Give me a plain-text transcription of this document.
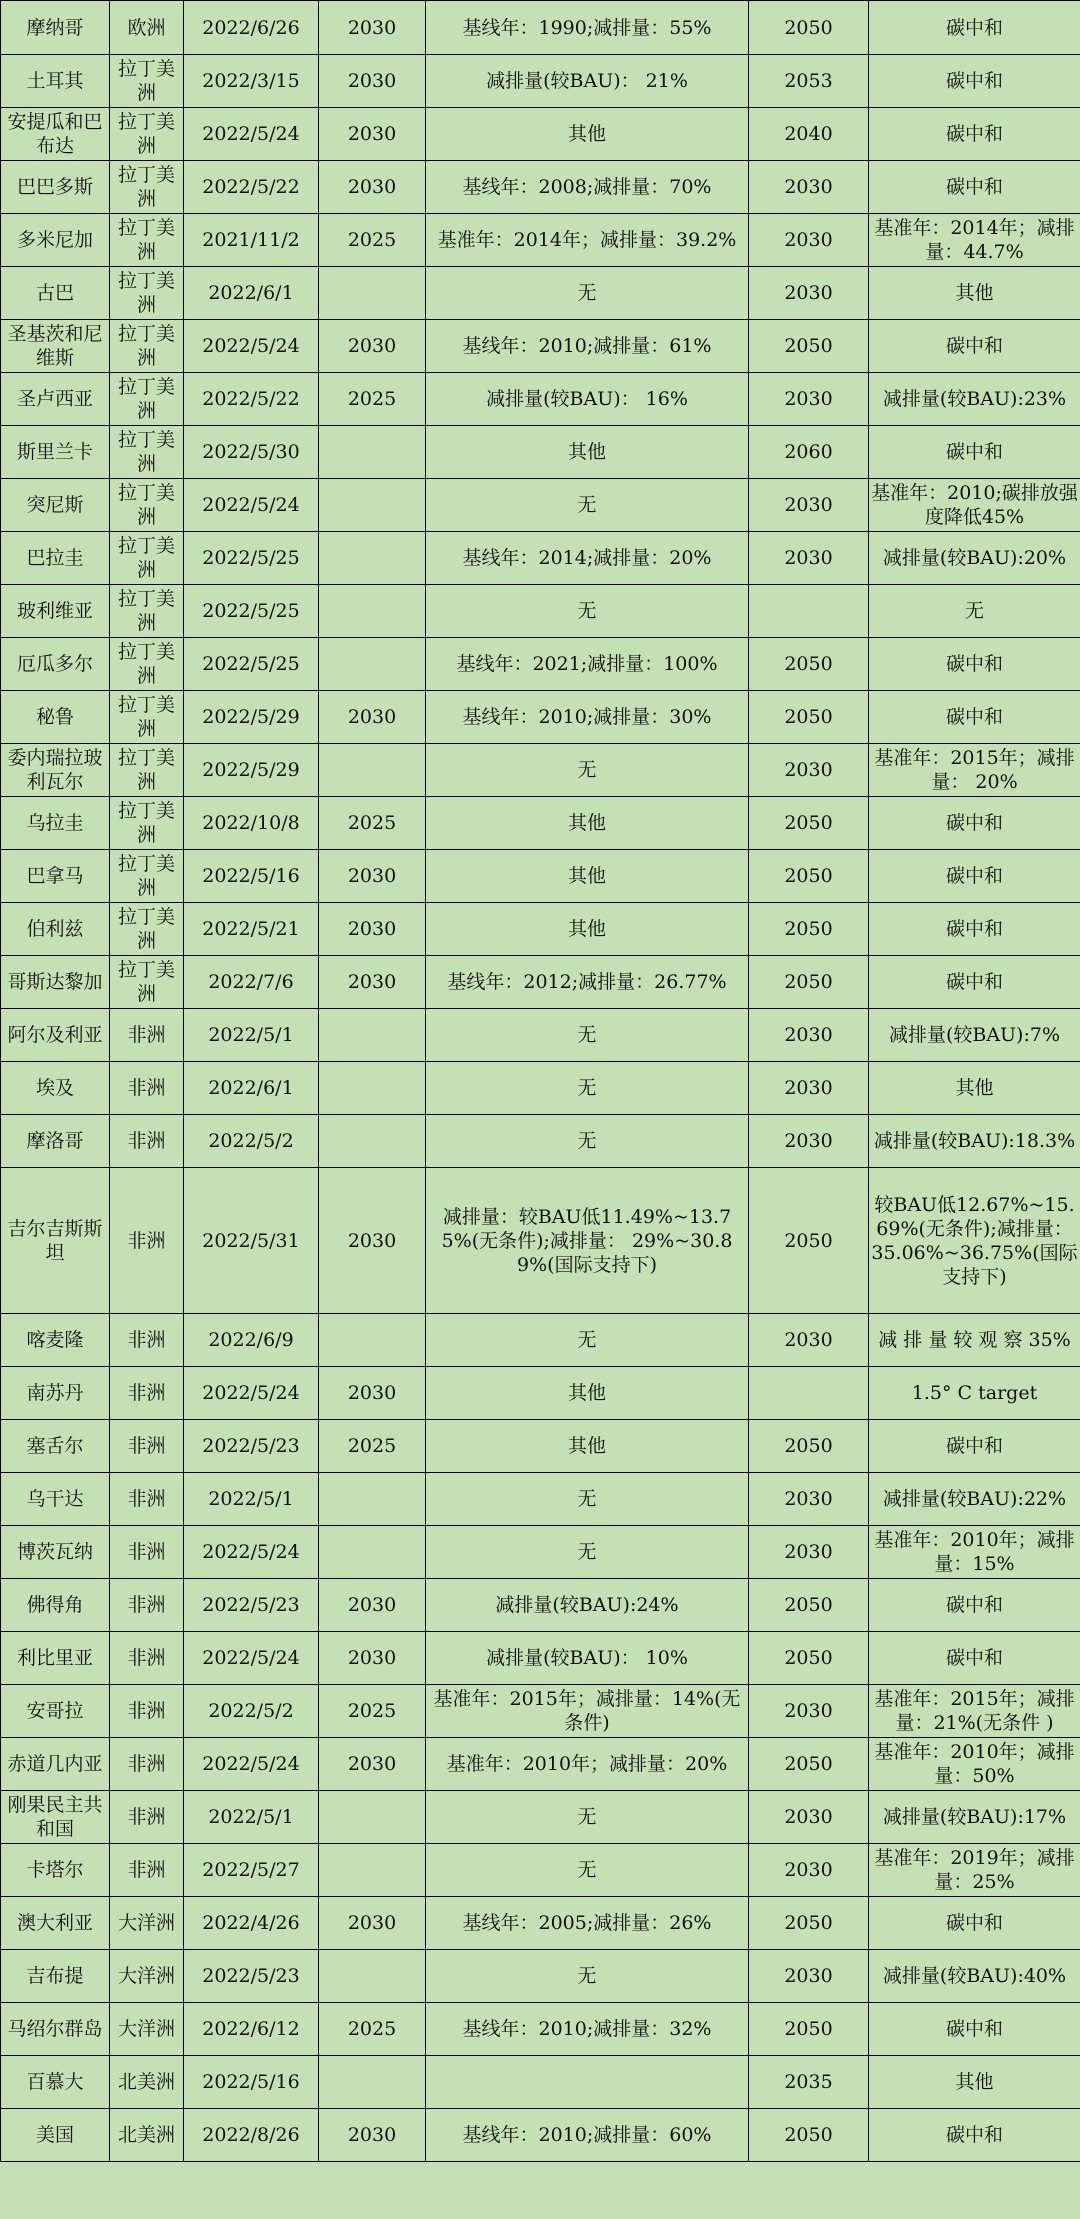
摩纳哥	欧洲	2022/6/26	2030	基线年：1990;减排量：55%	2050	碳中和

土耳其	拉丁美洲	2022/3/15	2030	减排量(较BAU)： 21%	2053	碳中和
安提瓜和巴布达	拉丁美洲	2022/5/24	2030	其他	2040	碳中和
巴巴多斯	拉丁美洲	2022/5/22	2030	基线年：2008;减排量：70%	2030	碳中和
多米尼加	拉丁美洲	2021/11/2	2025	基准年：2014年；减排量：39.2%	2030	基准年：2014年；减排量：44.7%
古巴	拉丁美洲	2022/6/1		无	2030	其他
圣基茨和尼维斯	拉丁美洲	2022/5/24	2030	基线年：2010;减排量：61%	2050	碳中和
圣卢西亚	拉丁美洲	2022/5/22	2025	减排量(较BAU)： 16%	2030	减排量(较BAU):23%
斯里兰卡	拉丁美洲	2022/5/30		其他	2060	碳中和
突尼斯	拉丁美洲	2022/5/24		无	2030	基准年：2010;碳排放强度降低45%
巴拉圭	拉丁美洲	2022/5/25		基线年：2014;减排量：20%	2030	减排量(较BAU):20%
玻利维亚	拉丁美洲	2022/5/25		无		无
厄瓜多尔	拉丁美洲	2022/5/25		基线年：2021;减排量：100%	2050	碳中和
秘鲁	拉丁美洲	2022/5/29	2030	基线年：2010;减排量：30%	2050	碳中和
委内瑞拉玻利瓦尔	拉丁美洲	2022/5/29		无	2030	基准年：2015年；减排量： 20%
乌拉圭	拉丁美洲	2022/10/8	2025	其他	2050	碳中和
巴拿马	拉丁美洲	2022/5/16	2030	其他	2050	碳中和
伯利兹	拉丁美洲	2022/5/21	2030	其他	2050	碳中和
哥斯达黎加	拉丁美洲	2022/7/6	2030	基线年：2012;减排量：26.77%	2050	碳中和
阿尔及利亚	非洲	2022/5/1		无	2030	减排量(较BAU):7%
埃及	非洲	2022/6/1		无	2030	其他
摩洛哥	非洲	2022/5/2		无	2030	减排量(较BAU):18.3%
吉尔吉斯斯坦	非洲	2022/5/31	2030	减排量：较BAU低11.49%~13.75%(无条件);减排量： 29%~30.89%(国际支持下)	2050	较BAU低12.67%~15.69%(无条件);减排量：35.06%~36.75%(国际支持下)
喀麦隆	非洲	2022/6/9		无	2030	减 排 量 较 观 察 35%
南苏丹	非洲	2022/5/24	2030	其他		1.5° C target
塞舌尔	非洲	2022/5/23	2025	其他	2050	碳中和
乌干达	非洲	2022/5/1		无	2030	减排量(较BAU):22%
博茨瓦纳	非洲	2022/5/24		无	2030	基准年：2010年；减排量：15%
佛得角	非洲	2022/5/23	2030	减排量(较BAU):24%	2050	碳中和
利比里亚	非洲	2022/5/24	2030	减排量(较BAU)： 10%	2050	碳中和
安哥拉	非洲	2022/5/2	2025	基准年：2015年；减排量：14%(无条件)	2030	基准年：2015年；减排量：21%(无条件 )
赤道几内亚	非洲	2022/5/24	2030	基准年：2010年；减排量：20%	2050	基准年：2010年；减排量：50%
刚果民主共和国	非洲	2022/5/1		无	2030	减排量(较BAU):17%
卡塔尔	非洲	2022/5/27		无	2030	基准年：2019年；减排量：25%
澳大利亚	大洋洲	2022/4/26	2030	基线年：2005;减排量：26%	2050	碳中和
吉布提	大洋洲	2022/5/23		无	2030	减排量(较BAU):40%
马绍尔群岛	大洋洲	2022/6/12	2025	基线年：2010;减排量：32%	2050	碳中和
百慕大	北美洲	2022/5/16			2035	其他
美国	北美洲	2022/8/26	2030	基线年：2010;减排量：60%	2050	碳中和
